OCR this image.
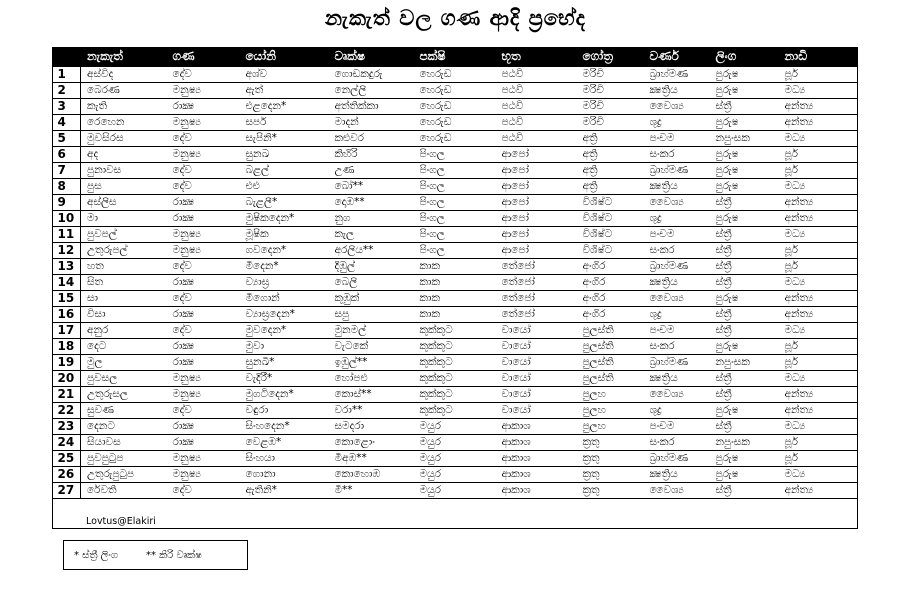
නැකැත් වල ගණ ආදි ප්‍රභේද
	නැකැත්	ගණ	යෝනි	වෘක්ෂ	පක්ෂි	භූත	ගෝත්‍ර	වර්ණ	ලිංග	නාඩි
1	අස්විද	දේව	අශ්ව	ගොඩකදුරු	හෙරුඩ	පඨවි	මරිචි	බ්‍රාහ්මණ	පුරුෂ	පූර්
2	බෙරණ	මනුෂ්‍ය	ඇත්	නෙල්ලි	හෙරුඩ	පඨවි	මරිචි	ක්‍ෂත්‍රිය	පුරුෂ	මධ්‍ය
3	කැති	රාක්‍ෂ	එළදෙන*	අත්තික්කා	හෙරුඩ	පඨවි	මරිචි	වෛශ්‍ය	ස්ත්‍රී	අන්ත්‍ය
4	රෙහෙන	මනුෂ්‍ය	සර්ප	මාදන්	හෙරුඩ	පඨවි	මරිචි	ශුද්‍ර	පුරුෂ	අන්ත්‍ය
5	මුවසිරස	දේව	සැපිනි*	කළුවර	හෙරුඩ	පඨවි	අත්‍රි	පංචම	නපුංසක	මධ්‍ය
6	අද	මනුෂ්‍ය	සුනඛ	කිහිරි	පිංගල	ආපෝ	අත්‍රි	සංකර	පුරුෂ	පූර්
7	පුනාවස	දේව	බළල්	උණ	පිංගල	ආපෝ	අත්‍රි	බ්‍රාහ්මණ	පුරුෂ	පූර්
8	පුස	දේව	එළු	බෝ**	පිංගල	ආපෝ	අත්‍රි	ක්‍ෂත්‍රිය	පුරුෂ	මධ්‍ය
9	අස්ලිස	රාක්‍ෂ	බැළලී*	දොඹ**	පිංගල	ආපෝ	විශිෂ්ට	වෛශ්‍ය	ස්ත්‍රී	අන්ත්‍ය
10	මා	රාක්‍ෂ	මුෂිකදෙන*	නුග	පිංගල	ආපෝ	විශිෂ්ට	ශුද්‍ර	පුරුෂ	අන්ත්‍ය
11	පුවපල්	මනුෂ්‍ය	මූෂික	කැල	පිංගල	ආපෝ	විශිෂ්ට	පංචම	ස්ත්‍රී	මධ්‍ය
12	උතුරුපල්	මනුෂ්‍ය	ගවදෙන*	අරලිය**	පිංගල	ආපෝ	විශිෂ්ට	සංකර	ස්ත්‍රී	පූර්
13	හත	දේව	මීදෙන*	දිඹුල්	කාක	තේජෝ	අංගිර	බ්‍රාහ්මණ	ස්ත්‍රී	පූර්
14	සිත	රාක්‍ෂ	ව්‍යාඝ්‍ර	බෙලි	කාක	තේජෝ	අංගිර	ක්‍ෂත්‍රිය	ස්ත්‍රී	මධ්‍ය
15	සා	දේව	මීගොන්	කුඹුක්	කාක	තේජෝ	අංගිර	වෛශ්‍ය	පුරුෂ	අන්ත්‍ය
16	විසා	රාක්‍ෂ	ව්‍යාඝ්‍රදෙන*	සපු	කාක	තේජෝ	අංගිර	ශුද්‍ර	ස්ත්‍රී	අන්ත්‍ය
17	අනුර	දේව	මුවදෙන*	මුනමල්	කුක්කුට	වායෝ	පුලස්ති	පංචම	ස්ත්‍රී	මධ්‍ය
18	දෙට	රාක්‍ෂ	මුවා	වැටකේ	කුක්කුට	වායෝ	පුලස්ති	සංකර	පුරුෂ	පූර්
19	මුල	රාක්‍ෂ	සුනඛී*	ඉඹුල්**	කුක්කුට	වායෝ	පුලස්ති	බ්‍රාහ්මණ	නපුංසක	පූර්
20	පුවසල	මනුෂ්‍ය	වැදිරී*	හෝපළු	කුක්කුට	වායෝ	පුලස්ති	ක්‍ෂත්‍රිය	ස්ත්‍රී	මධ්‍ය
21	උතුරුසල	මනුෂ්‍ය	මුගටිදෙන*	කොස්**	කුක්කුට	වායෝ	පුලහ	වෛශ්‍ය	ස්ත්‍රී	අන්ත්‍ය
22	සුවණ	දේව	වඳුරා	වරා**	කුක්කුට	වායෝ	පුලහ	ශුද්‍ර	පුරුෂ	අන්ත්‍ය
23	දෙනට	රාක්‍ෂ	සිංහදෙන*	සමදරා	මයුර	ආකාශ	පුලහ	පංචම	ස්ත්‍රී	මධ්‍ය
24	සියාවස	රාක්‍ෂ	වෙළඹ*	කොළොං	මයුර	ආකාශ	ක්‍රතු	සංකර	නපුංසක	පූර්
25	පුවපුටුප	මනුෂ්‍ය	සිංහයා	මීඅඹ**	මයුර	ආකාශ	ක්‍රතු	බ්‍රාහ්මණ	පුරුෂ	පූර්
26	උතුරුපුටුප	මනුෂ්‍ය	ගොනා	කොහොඹ	මයුර	ආකාශ	ක්‍රතු	ක්‍ෂත්‍රිය	පුරුෂ	මධ්‍ය
27	රේවති	දේව	ඇතිනි*	මී**	මයුර	ආකාශ	ක්‍රතු	වෛශ්‍ය	ස්ත්‍රී	අන්ත්‍ය
Lovtus@Elakiri
* ස්ත්‍රී ලිංග	** කිරි වෘක්ෂ
